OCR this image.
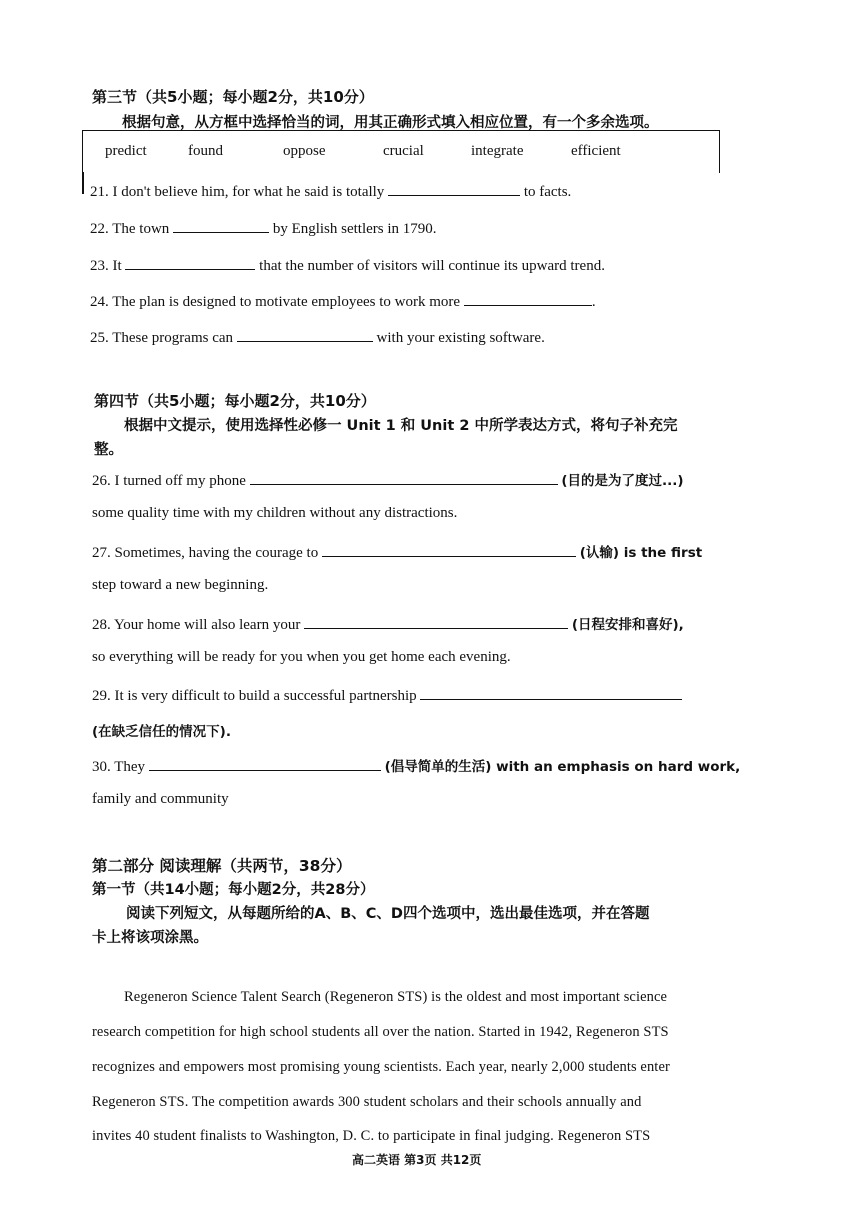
第三节（共5小题；每小题2分，共10分）
根据句意，从方框中选择恰当的词，用其正确形式填入相应位置，有一个多余选项。
predict	found	oppose	crucial	integrate	efficient
21. I don't believe him, for what he said is totally	to facts.
22. The town	by English settlers in 1790.
23. It	that the number of visitors will continue its upward trend.
24. The plan is designed to motivate employees to work more	.
25. These programs can	with your existing software.
第四节（共5小题；每小题2分，共10分）
根据中文提示，使用选择性必修一 Unit 1 和 Unit 2 中所学表达方式，将句子补充完
整。
26. I turned off my phone	(目的是为了度过...)
some quality time with my children without any distractions.
27. Sometimes, having the courage to	(认输) is the first
step toward a new beginning.
28. Your home will also learn your	(日程安排和喜好),
so everything will be ready for you when you get home each evening.
29. It is very difficult to build a successful partnership
(在缺乏信任的情况下).
30. They	(倡导简单的生活) with an emphasis on hard work,
family and community
第二部分 阅读理解（共两节，38分）
第一节（共14小题；每小题2分，共28分）
阅读下列短文，从每题所给的A、B、C、D四个选项中，选出最佳选项，并在答题
卡上将该项涂黑。
Regeneron Science Talent Search (Regeneron STS) is the oldest and most important science
research competition for high school students all over the nation. Started in 1942, Regeneron STS
recognizes and empowers most promising young scientists. Each year, nearly 2,000 students enter
Regeneron STS. The competition awards 300 student scholars and their schools annually and
invites 40 student finalists to Washington, D. C. to participate in final judging. Regeneron STS
高二英语 第3页 共12页
